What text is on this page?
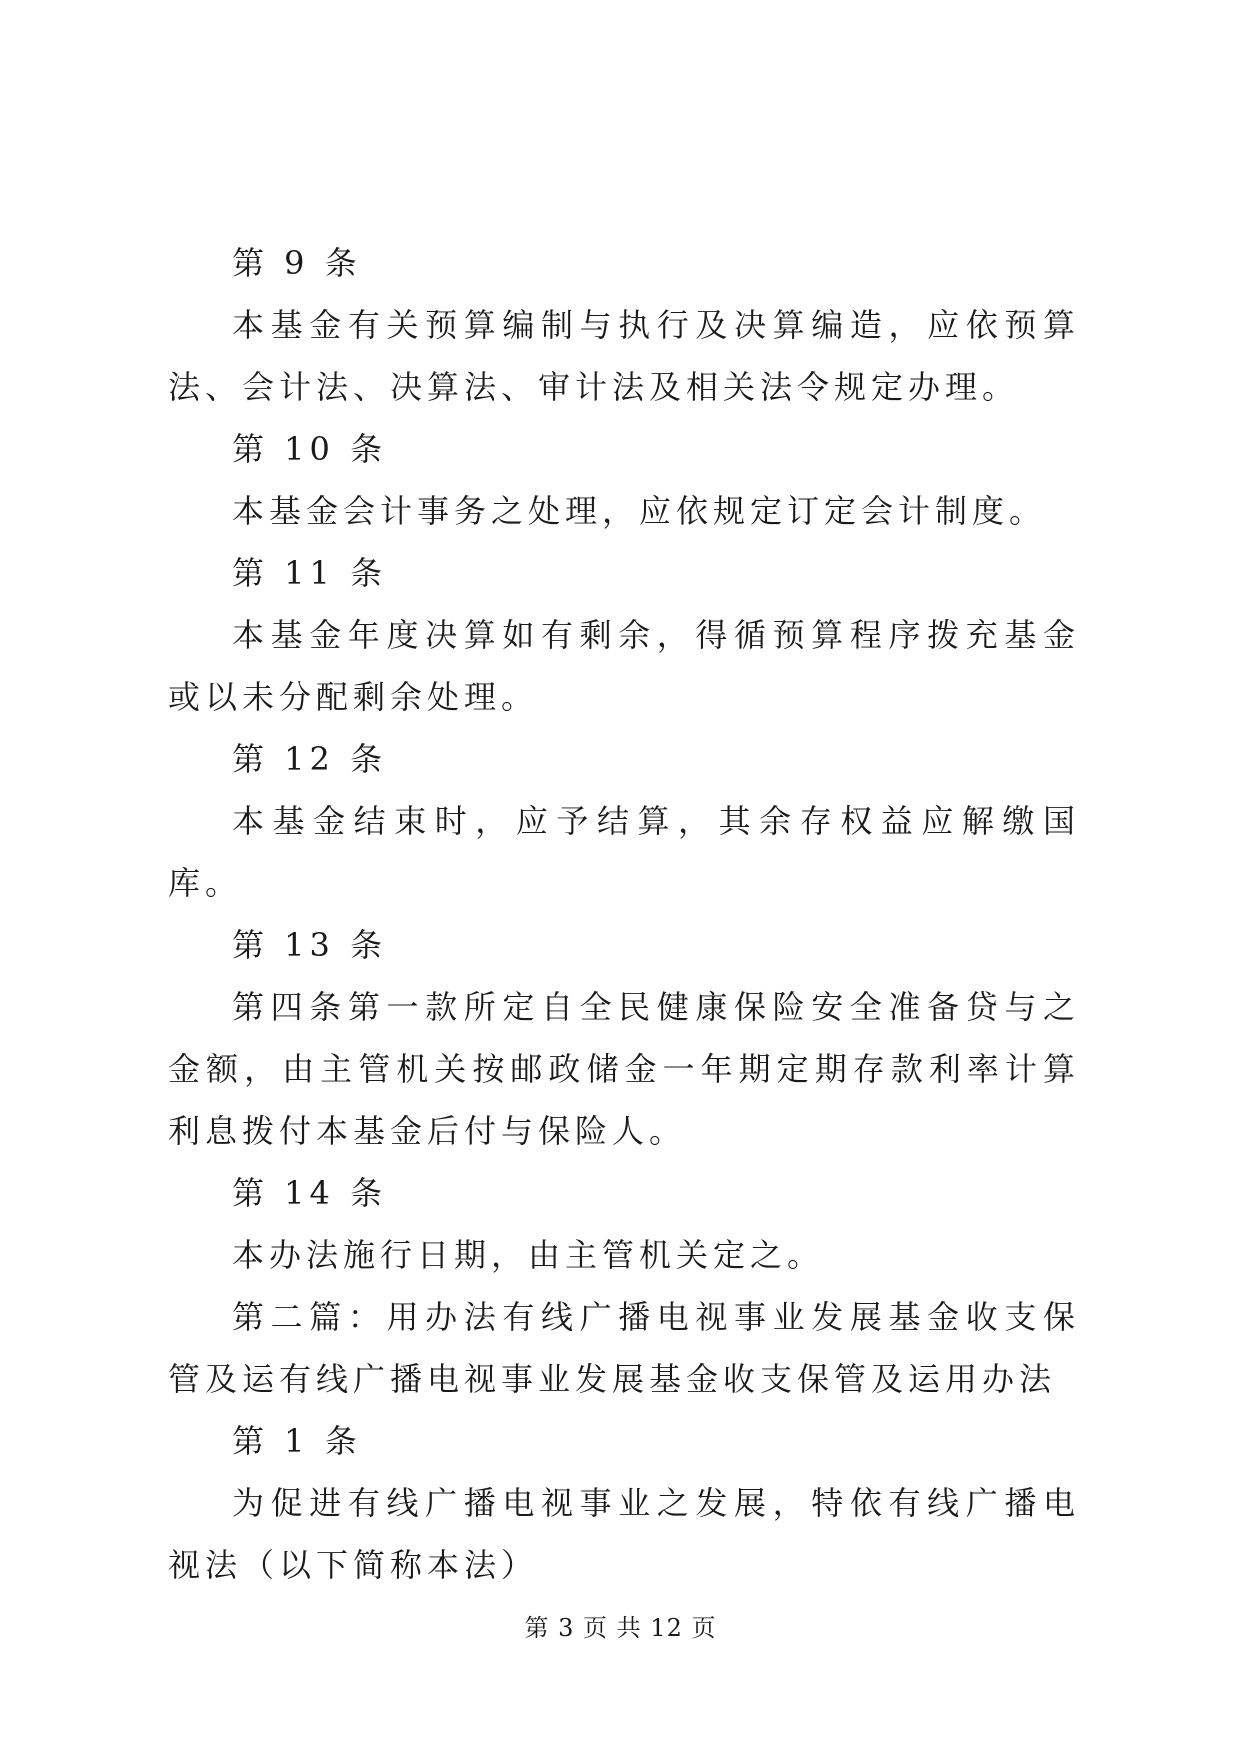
第 9 条

本基金有关预算编制与执行及决算编造，应依预算法、会计法、决算法、审计法及相关法令规定办理。

第 10 条

本基金会计事务之处理，应依规定订定会计制度。

第 11 条

本基金年度决算如有剩余，得循预算程序拨充基金或以未分配剩余处理。

第 12 条

本基金结束时，应予结算，其余存权益应解缴国库。

第 13 条

第四条第一款所定自全民健康保险安全准备贷与之金额，由主管机关按邮政储金一年期定期存款利率计算利息拨付本基金后付与保险人。

第 14 条

本办法施行日期，由主管机关定之。

第二篇：用办法有线广播电视事业发展基金收支保管及运有线广播电视事业发展基金收支保管及运用办法

第 1 条

为促进有线广播电视事业之发展，特依有线广播电视法（以下简称本法）

第 3 页 共 12 页
